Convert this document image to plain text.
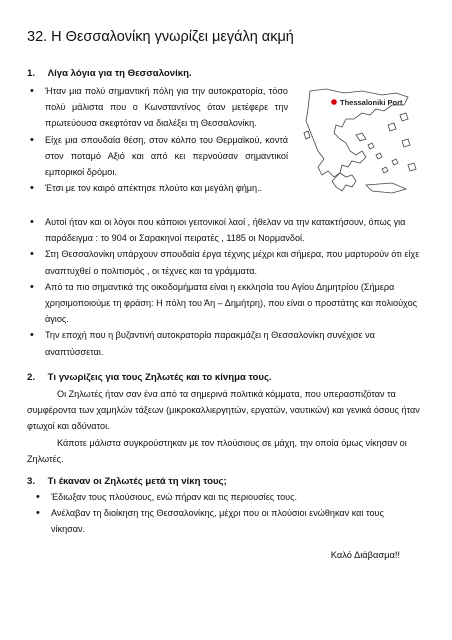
32. Η Θεσσαλονίκη γνωρίζει μεγάλη ακμή
1. Λίγα λόγια για τη Θεσσαλονίκη.
• Ήταν μια πολύ σημαντική πόλη για την αυτοκρατορία, τόσο πολύ μάλιστα που ο Κωνσταντίνος όταν μετέφερε την πρωτεύουσα σκεφτόταν να διαλέξει τη Θεσσαλονίκη.
• Είχε μια σπουδαία θέση, στον κόλπο του Θερμαϊκού, κοντά στον ποταμό Αξιό και από κει περνούσαν σημαντικοί εμπορικοί δρόμοι.
• Έτσι με τον καιρό απέκτησε πλούτο και μεγάλη φήμη..
• Αυτοί ήταν και οι λόγοι που κάποιοι γειτονικοί λαοί , ήθελαν να την κατακτήσουν, όπως για παράδειγμα : το 904 οι Σαρακηνοί πειρατές , 1185 οι Νορμανδοί.
• Στη Θεσσαλονίκη υπάρχουν σπουδαία έργα τέχνης μέχρι και σήμερα, που μαρτυρούν ότι είχε αναπτυχθεί ο πολιτισμός , οι τέχνες και τα γράμματα.
• Από τα πιο σημαντικά της οικοδομήματα είναι η εκκλησία του Αγίου Δημητρίου (Σήμερα χρησιμοποιούμε τη φράση: Η πόλη του Άη – Δημήτρη), που είναι ο προστάτης και πολιούχος άγιος.
• Την εποχή που η βυζαντινή αυτοκρατορία παρακμάζει η Θεσσαλονίκη συνέχισε να αναπτύσσεται.
Thessaloniki Port
2. Τι γνωρίζεις για τους Ζηλωτές και το κίνημα τους.

Οι Ζηλωτές ήταν σαν ένα από τα σημερινά πολιτικά κόμματα, που υπερασπιζόταν τα συμφέροντα των χαμηλών τάξεων (μικροκαλλιεργητών, εργατών, ναυτικών) και γενικά όσους ήταν φτωχοί και αδύνατοι.

Κάποτε μάλιστα συγκρούστηκαν με τον πλούσιους σε μάχη, την οποία όμως νίκησαν οι Ζηλωτές.

3. Τι έκαναν οι Ζηλωτές μετά τη νίκη τους;
• Έδιωξαν τους πλούσιους, ενώ πήραν και τις περιουσίες τους.
• Ανέλαβαν τη διοίκηση της Θεσσαλονίκης, μέχρι που οι πλούσιοι ενώθηκαν και τους νίκησαν.
Καλό Διάβασμα!!
